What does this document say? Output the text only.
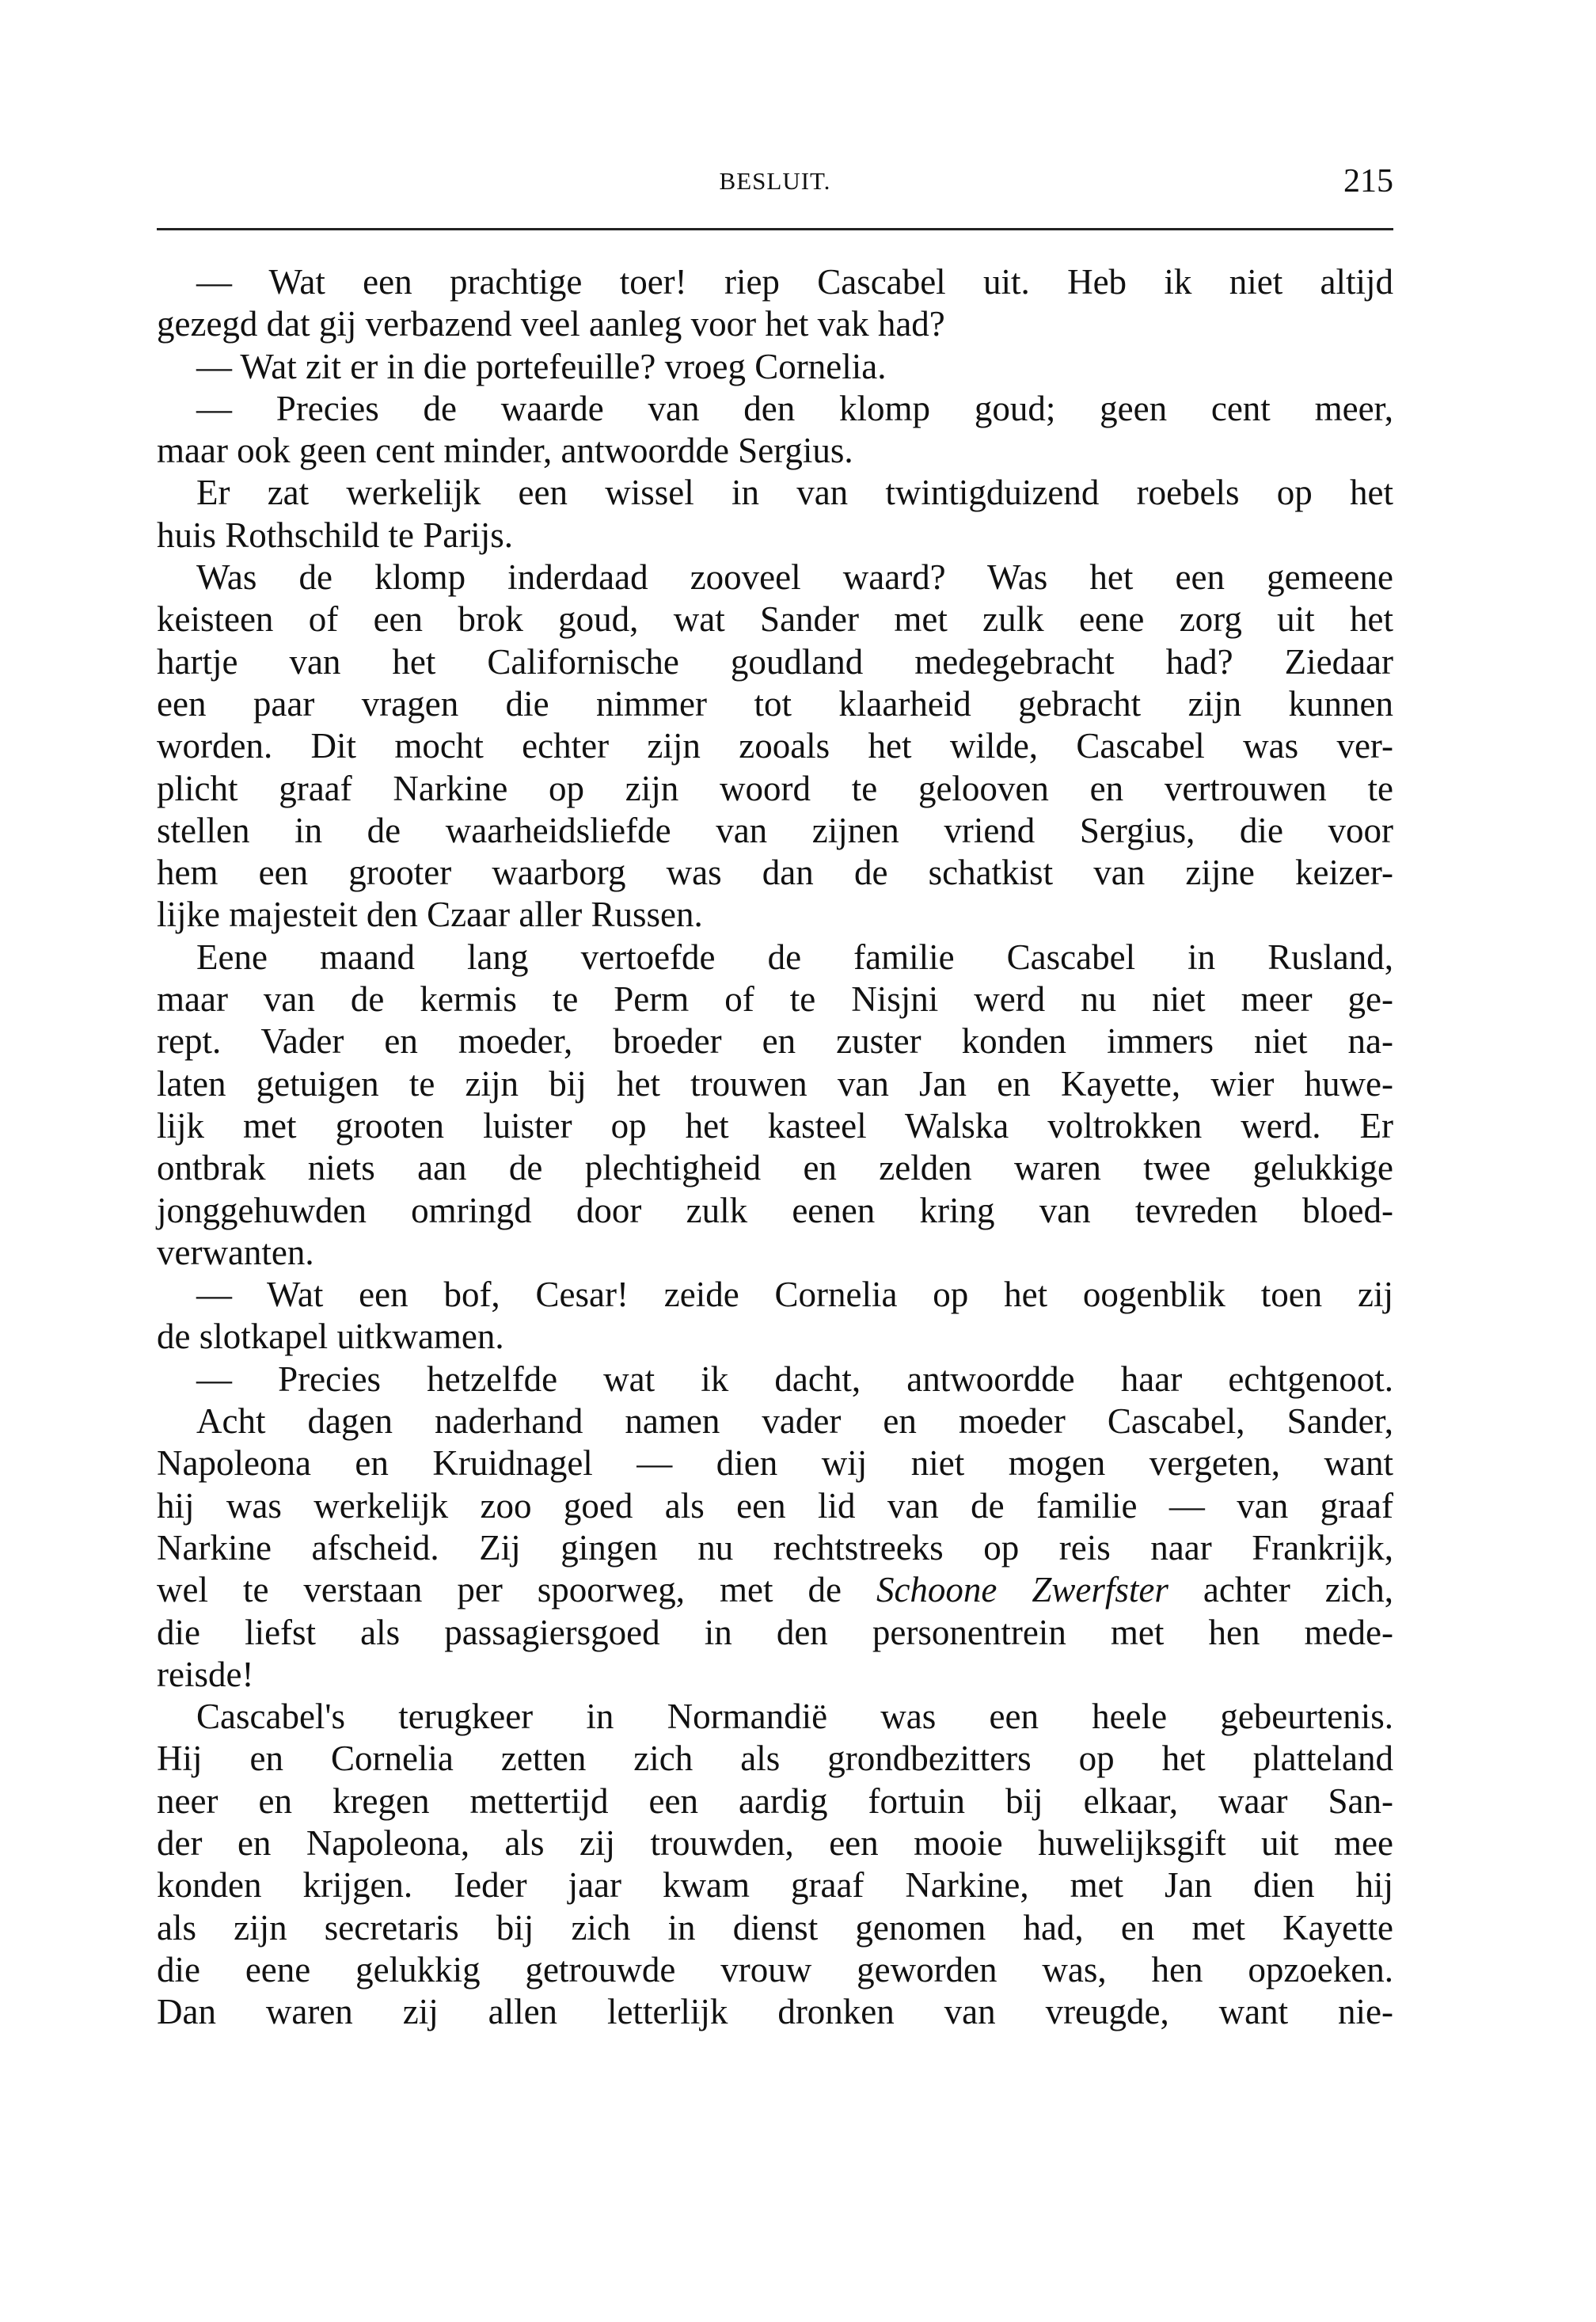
BESLUIT.	215
— Wat een prachtige toer! riep Cascabel uit. Heb ik niet altijd
gezegd dat gij verbazend veel aanleg voor het vak had?
— Wat zit er in die portefeuille? vroeg Cornelia.
— Precies de waarde van den klomp goud; geen cent meer,
maar ook geen cent minder, antwoordde Sergius.
Er zat werkelijk een wissel in van twintigduizend roebels op het
huis Rothschild te Parijs.
Was de klomp inderdaad zooveel waard? Was het een gemeene
keisteen of een brok goud, wat Sander met zulk eene zorg uit het
hartje van het Californische goudland medegebracht had? Ziedaar
een paar vragen die nimmer tot klaarheid gebracht zijn kunnen
worden. Dit mocht echter zijn zooals het wilde, Cascabel was ver-
plicht graaf Narkine op zijn woord te gelooven en vertrouwen te
stellen in de waarheidsliefde van zijnen vriend Sergius, die voor
hem een grooter waarborg was dan de schatkist van zijne keizer-
lijke majesteit den Czaar aller Russen.
Eene maand lang vertoefde de familie Cascabel in Rusland,
maar van de kermis te Perm of te Nisjni werd nu niet meer ge-
rept. Vader en moeder, broeder en zuster konden immers niet na-
laten getuigen te zijn bij het trouwen van Jan en Kayette, wier huwe-
lijk met grooten luister op het kasteel Walska voltrokken werd. Er
ontbrak niets aan de plechtigheid en zelden waren twee gelukkige
jonggehuwden omringd door zulk eenen kring van tevreden bloed-
verwanten.
— Wat een bof, Cesar! zeide Cornelia op het oogenblik toen zij
de slotkapel uitkwamen.
— Precies hetzelfde wat ik dacht, antwoordde haar echtgenoot.
Acht dagen naderhand namen vader en moeder Cascabel, Sander,
Napoleona en Kruidnagel — dien wij niet mogen vergeten, want
hij was werkelijk zoo goed als een lid van de familie — van graaf
Narkine afscheid. Zij gingen nu rechtstreeks op reis naar Frankrijk,
wel te verstaan per spoorweg, met de Schoone Zwerfster achter zich,
die liefst als passagiersgoed in den personentrein met hen mede-
reisde!
Cascabel's terugkeer in Normandië was een heele gebeurtenis.
Hij en Cornelia zetten zich als grondbezitters op het platteland
neer en kregen mettertijd een aardig fortuin bij elkaar, waar San-
der en Napoleona, als zij trouwden, een mooie huwelijksgift uit mee
konden krijgen. Ieder jaar kwam graaf Narkine, met Jan dien hij
als zijn secretaris bij zich in dienst genomen had, en met Kayette
die eene gelukkig getrouwde vrouw geworden was, hen opzoeken.
Dan waren zij allen letterlijk dronken van vreugde, want nie-
